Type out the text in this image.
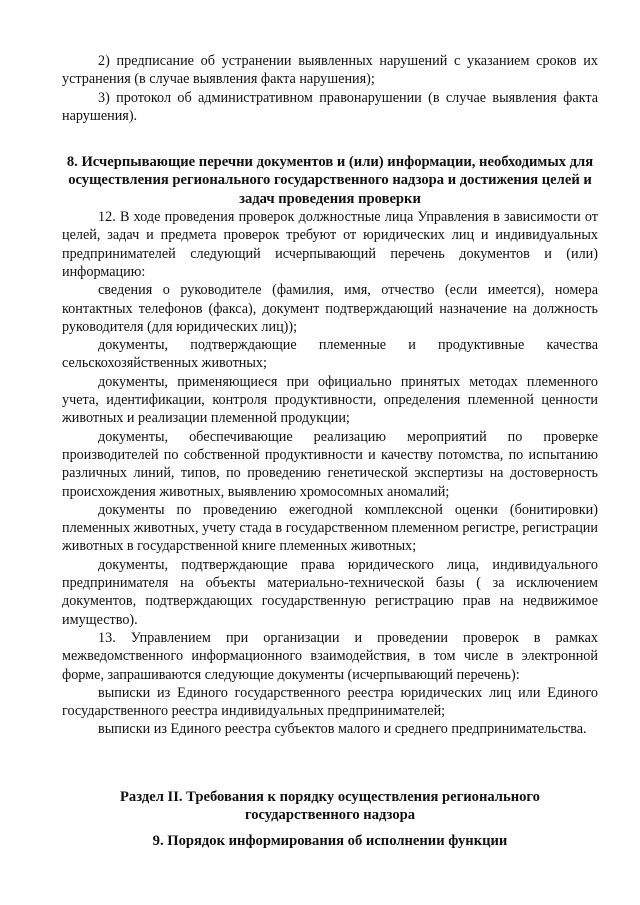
2) предписание об устранении выявленных нарушений с указанием сроков их устранения (в случае выявления факта нарушения);

3) протокол об административном правонарушении (в случае выявления факта нарушения).

8. Исчерпывающие перечни документов и (или) информации, необходимых для осуществления регионального государственного надзора и достижения целей и задач проведения проверки

12. В ходе проведения проверок должностные лица Управления в зависимости от целей, задач и предмета проверок требуют от юридических лиц и индивидуальных предпринимателей следующий исчерпывающий перечень документов и (или) информацию:

сведения о руководителе (фамилия, имя, отчество (если имеется), номера контактных телефонов (факса), документ подтверждающий назначение на должность руководителя (для юридических лиц));

документы, подтверждающие племенные и продуктивные качества сельскохозяйственных животных;

документы, применяющиеся при официально принятых методах племенного учета, идентификации, контроля продуктивности, определения племенной ценности животных и реализации племенной продукции;

документы, обеспечивающие реализацию мероприятий по проверке производителей по собственной продуктивности и качеству потомства, по испытанию различных линий, типов, по проведению генетической экспертизы на достоверность происхождения животных, выявлению хромосомных аномалий;

документы по проведению ежегодной комплексной оценки (бонитировки) племенных животных, учету стада в государственном племенном регистре, регистрации животных в государственной книге племенных животных;

документы, подтверждающие права юридического лица, индивидуального предпринимателя на объекты материально-технической базы ( за исключением документов, подтверждающих государственную регистрацию прав на недвижимое имущество).

13. Управлением при организации и проведении проверок в рамках межведомственного информационного взаимодействия, в том числе в электронной форме, запрашиваются следующие документы (исчерпывающий перечень):

выписки из Единого государственного реестра юридических лиц или Единого государственного реестра индивидуальных предпринимателей;

выписки из Единого реестра субъектов малого и среднего предпринимательства.

Раздел II. Требования к порядку осуществления регионального государственного надзора

9. Порядок информирования об исполнении функции
